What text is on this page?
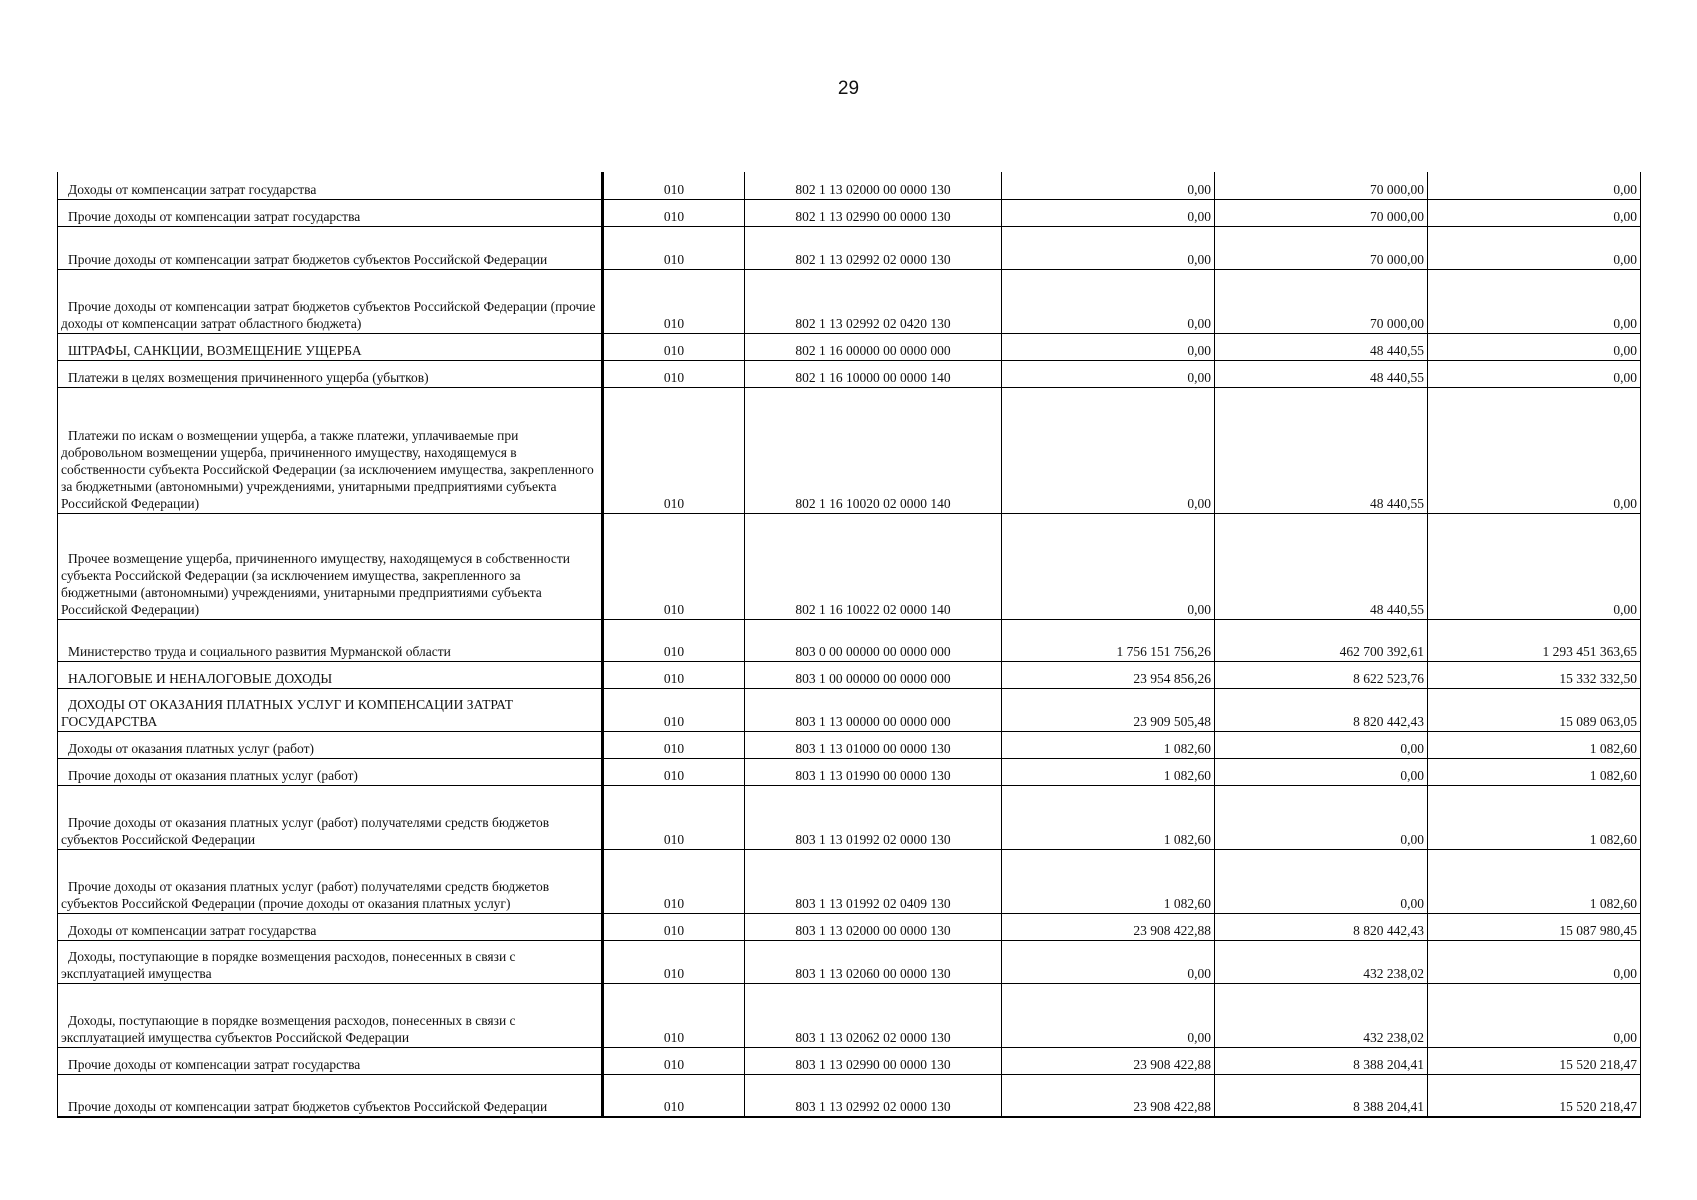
29
Доходы от компенсации затрат государства	010	802 1 13 02000 00 0000 130	0,00	70 000,00	0,00

Прочие доходы от компенсации затрат государства	010	802 1 13 02990 00 0000 130	0,00	70 000,00	0,00

Прочие доходы от компенсации затрат бюджетов субъектов Российской Федерации	010	802 1 13 02992 02 0000 130	0,00	70 000,00	0,00

Прочие доходы от компенсации затрат бюджетов субъектов Российской Федерации (прочие доходы от компенсации затрат областного бюджета)	010	802 1 13 02992 02 0420 130	0,00	70 000,00	0,00

ШТРАФЫ, САНКЦИИ, ВОЗМЕЩЕНИЕ УЩЕРБА	010	802 1 16 00000 00 0000 000	0,00	48 440,55	0,00

Платежи в целях возмещения причиненного ущерба (убытков)	010	802 1 16 10000 00 0000 140	0,00	48 440,55	0,00

Платежи по искам о возмещении ущерба, а также платежи, уплачиваемые при добровольном возмещении ущерба, причиненного имуществу, находящемуся в собственности субъекта Российской Федерации (за исключением имущества, закрепленного за бюджетными (автономными) учреждениями, унитарными предприятиями субъекта Российской Федерации)	010	802 1 16 10020 02 0000 140	0,00	48 440,55	0,00

Прочее возмещение ущерба, причиненного имуществу, находящемуся в собственности субъекта Российской Федерации (за исключением имущества, закрепленного за бюджетными (автономными) учреждениями, унитарными предприятиями субъекта Российской Федерации)	010	802 1 16 10022 02 0000 140	0,00	48 440,55	0,00

Министерство труда и социального развития Мурманской области	010	803 0 00 00000 00 0000 000	1 756 151 756,26	462 700 392,61	1 293 451 363,65

НАЛОГОВЫЕ И НЕНАЛОГОВЫЕ ДОХОДЫ	010	803 1 00 00000 00 0000 000	23 954 856,26	8 622 523,76	15 332 332,50

ДОХОДЫ ОТ ОКАЗАНИЯ ПЛАТНЫХ УСЛУГ И КОМПЕНСАЦИИ ЗАТРАТ ГОСУДАРСТВА	010	803 1 13 00000 00 0000 000	23 909 505,48	8 820 442,43	15 089 063,05

Доходы от оказания платных услуг (работ)	010	803 1 13 01000 00 0000 130	1 082,60	0,00	1 082,60

Прочие доходы от оказания платных услуг (работ)	010	803 1 13 01990 00 0000 130	1 082,60	0,00	1 082,60

Прочие доходы от оказания платных услуг (работ) получателями средств бюджетов субъектов Российской Федерации	010	803 1 13 01992 02 0000 130	1 082,60	0,00	1 082,60

Прочие доходы от оказания платных услуг (работ) получателями средств бюджетов субъектов Российской Федерации (прочие доходы от оказания платных услуг)	010	803 1 13 01992 02 0409 130	1 082,60	0,00	1 082,60

Доходы от компенсации затрат государства	010	803 1 13 02000 00 0000 130	23 908 422,88	8 820 442,43	15 087 980,45

Доходы, поступающие в порядке возмещения расходов, понесенных в связи с эксплуатацией имущества	010	803 1 13 02060 00 0000 130	0,00	432 238,02	0,00

Доходы, поступающие в порядке возмещения расходов, понесенных в связи с эксплуатацией имущества субъектов Российской Федерации	010	803 1 13 02062 02 0000 130	0,00	432 238,02	0,00

Прочие доходы от компенсации затрат государства	010	803 1 13 02990 00 0000 130	23 908 422,88	8 388 204,41	15 520 218,47

Прочие доходы от компенсации затрат бюджетов субъектов Российской Федерации	010	803 1 13 02992 02 0000 130	23 908 422,88	8 388 204,41	15 520 218,47
